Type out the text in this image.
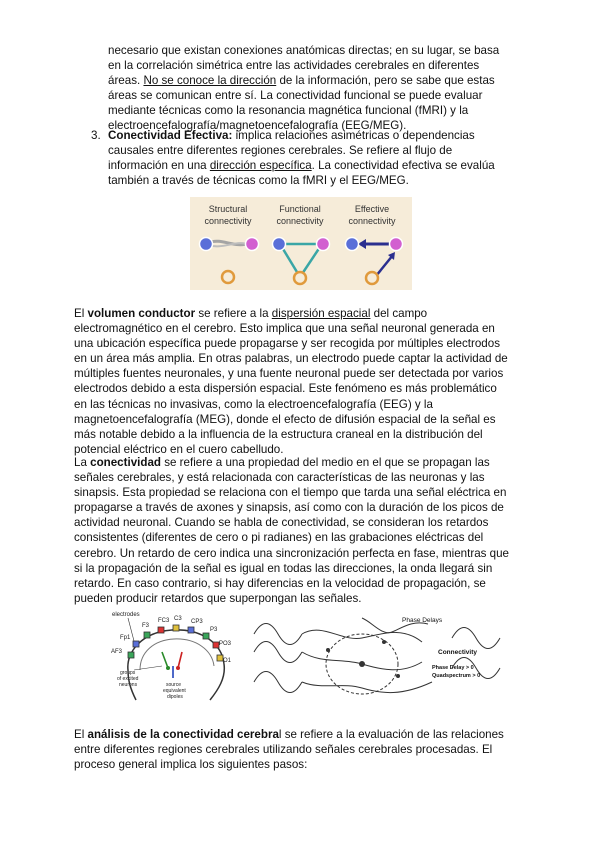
necesario que existan conexiones anatómicas directas; en su lugar, se basa
en la correlación simétrica entre las actividades cerebrales en diferentes
áreas. No se conoce la dirección de la información, pero se sabe que estas
áreas se comunican entre sí. La conectividad funcional se puede evaluar
mediante técnicas como la resonancia magnética funcional (fMRI) y la
electroencefalografía/magnetoencefalografía (EEG/MEG).
3. Conectividad Efectiva: implica relaciones asimétricas o dependencias
causales entre diferentes regiones cerebrales. Se refiere al flujo de
información en una dirección específica. La conectividad efectiva se evalúa
también a través de técnicas como la fMRI y el EEG/MEG.
Structural
connectivity
Functional
connectivity
Effective
connectivity
El volumen conductor se refiere a la dispersión espacial del campo
electromagnético en el cerebro. Esto implica que una señal neuronal generada en
una ubicación específica puede propagarse y ser recogida por múltiples electrodos
en un área más amplia. En otras palabras, un electrodo puede captar la actividad de
múltiples fuentes neuronales, y una fuente neuronal puede ser detectada por varios
electrodos debido a esta dispersión espacial. Este fenómeno es más problemático
en las técnicas no invasivas, como la electroencefalografía (EEG) y la
magnetoencefalografía (MEG), donde el efecto de difusión espacial de la señal es
más notable debido a la influencia de la estructura craneal en la distribución del
potencial eléctrico en el cuero cabelludo.
La conectividad se refiere a una propiedad del medio en el que se propagan las
señales cerebrales, y está relacionada con características de las neuronas y las
sinapsis. Esta propiedad se relaciona con el tiempo que tarda una señal eléctrica en
propagarse a través de axones y sinapsis, así como con la duración de los picos de
actividad neuronal. Cuando se habla de conectividad, se consideran los retardos
consistentes (diferentes de cero o pi radianes) en las grabaciones eléctricas del
cerebro. Un retardo de cero indica una sincronización perfecta en fase, mientras que
si la propagación de la señal es igual en todas las direcciones, la onda llegará sin
retardo. En caso contrario, si hay diferencias en la velocidad de propagación, se
pueden producir retardos que superpongan las señales.
electrodes
Fp1
F3
FC3 C3 CP3
AF3
P3
PO3
O1
groups
of excited
neurons	source
equivalent
dipoles
Phase Delays
Connectivity
Phase Delay > 0
Quadspectrum > 0
El análisis de la conectividad cerebral se refiere a la evaluación de las relaciones
entre diferentes regiones cerebrales utilizando señales cerebrales procesadas. El
proceso general implica los siguientes pasos:
